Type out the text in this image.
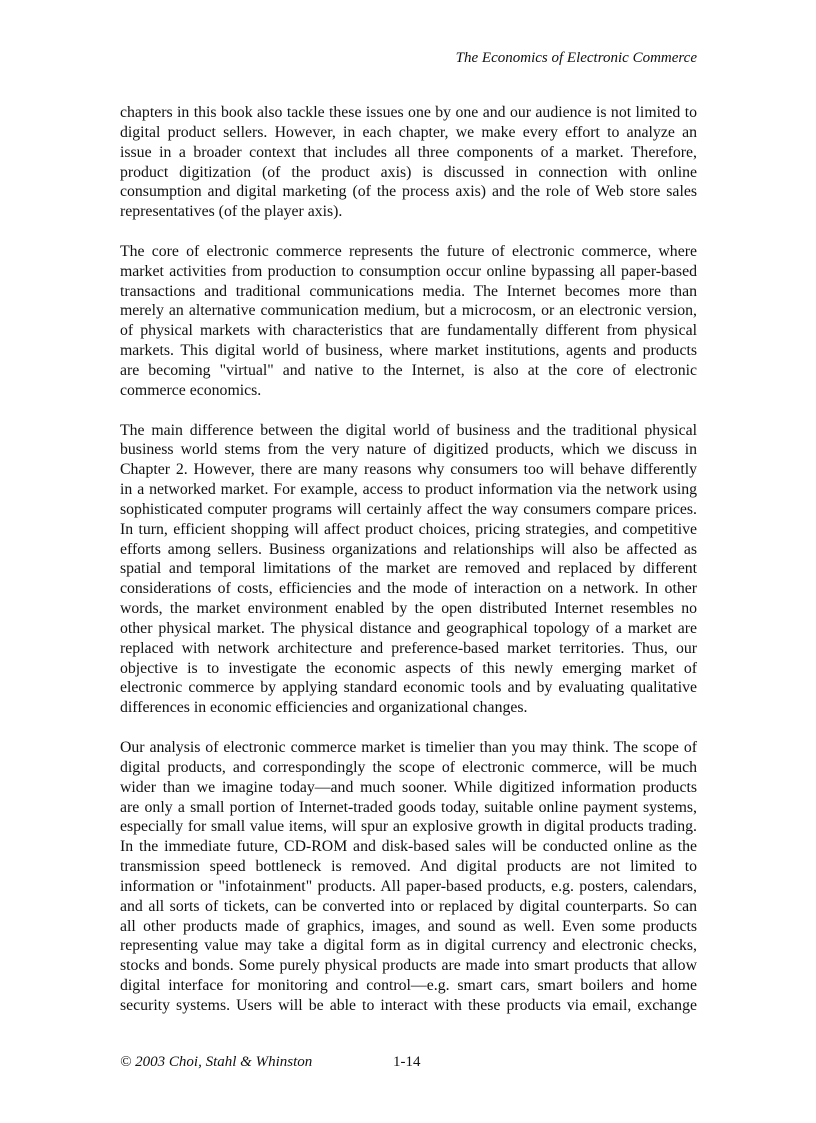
The Economics of Electronic Commerce
chapters in this book also tackle these issues one by one and our audience is not limited to
digital product sellers. However, in each chapter, we make every effort to analyze an
issue in a broader context that includes all three components of a market. Therefore,
product digitization (of the product axis) is discussed in connection with online
consumption and digital marketing (of the process axis) and the role of Web store sales
representatives (of the player axis).
The core of electronic commerce represents the future of electronic commerce, where
market activities from production to consumption occur online bypassing all paper-based
transactions and traditional communications media. The Internet becomes more than
merely an alternative communication medium, but a microcosm, or an electronic version,
of physical markets with characteristics that are fundamentally different from physical
markets. This digital world of business, where market institutions, agents and products
are becoming "virtual" and native to the Internet, is also at the core of electronic
commerce economics.
The main difference between the digital world of business and the traditional physical
business world stems from the very nature of digitized products, which we discuss in
Chapter 2. However, there are many reasons why consumers too will behave differently
in a networked market. For example, access to product information via the network using
sophisticated computer programs will certainly affect the way consumers compare prices.
In turn, efficient shopping will affect product choices, pricing strategies, and competitive
efforts among sellers. Business organizations and relationships will also be affected as
spatial and temporal limitations of the market are removed and replaced by different
considerations of costs, efficiencies and the mode of interaction on a network. In other
words, the market environment enabled by the open distributed Internet resembles no
other physical market. The physical distance and geographical topology of a market are
replaced with network architecture and preference-based market territories. Thus, our
objective is to investigate the economic aspects of this newly emerging market of
electronic commerce by applying standard economic tools and by evaluating qualitative
differences in economic efficiencies and organizational changes.
Our analysis of electronic commerce market is timelier than you may think. The scope of
digital products, and correspondingly the scope of electronic commerce, will be much
wider than we imagine today—and much sooner. While digitized information products
are only a small portion of Internet-traded goods today, suitable online payment systems,
especially for small value items, will spur an explosive growth in digital products trading.
In the immediate future, CD-ROM and disk-based sales will be conducted online as the
transmission speed bottleneck is removed. And digital products are not limited to
information or "infotainment" products. All paper-based products, e.g. posters, calendars,
and all sorts of tickets, can be converted into or replaced by digital counterparts. So can
all other products made of graphics, images, and sound as well. Even some products
representing value may take a digital form as in digital currency and electronic checks,
stocks and bonds. Some purely physical products are made into smart products that allow
digital interface for monitoring and control—e.g. smart cars, smart boilers and home
security systems. Users will be able to interact with these products via email, exchange
© 2003 Choi, Stahl & Whinston	1-14
